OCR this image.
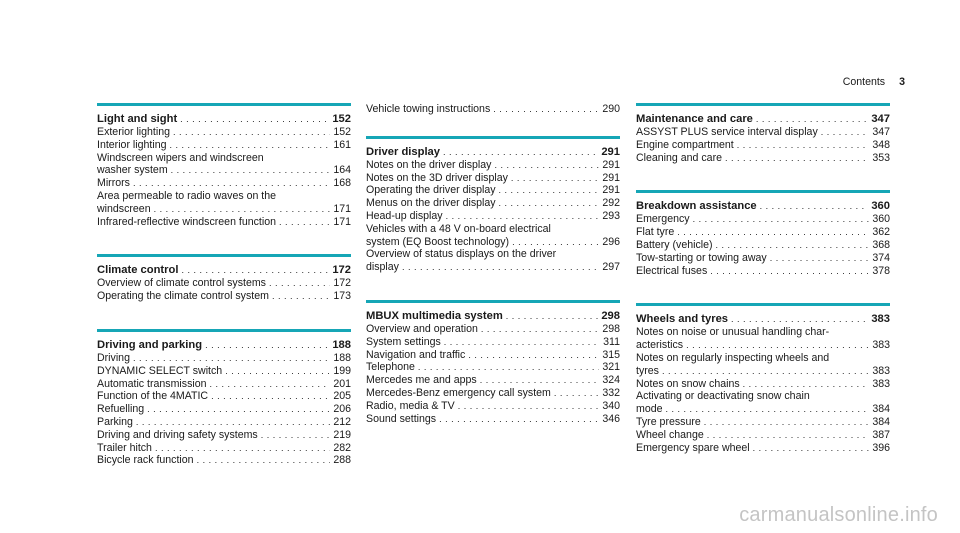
Contents 3
Light and sight . . .	152
Exterior lighting . . .	152
Interior lighting . . .	161
Windscreen wipers and windscreen
washer system . . .	164
Mirrors . . .	168
Area permeable to radio waves on the
windscreen . . .	171
Infrared-reflective windscreen function . . .	171
Climate control . . .	172
Overview of climate control systems . . .	172
Operating the climate control system . . .	173
Driving and parking . . .	188
Driving . . .	188
DYNAMIC SELECT switch . . .	199
Automatic transmission . . .	201
Function of the 4MATIC . . .	205
Refuelling . . .	206
Parking . . .	212
Driving and driving safety systems . . .	219
Trailer hitch . . .	282
Bicycle rack function . . .	288
Vehicle towing instructions . . .	290
Driver display . . .	291
Notes on the driver display . . .	291
Notes on the 3D driver display . . .	291
Operating the driver display . . .	291
Menus on the driver display . . .	292
Head-up display . . .	293
Vehicles with a 48 V on-board electrical
system (EQ Boost technology) . . .	296
Overview of status displays on the driver
display . . .	297
MBUX multimedia system . . .	298
Overview and operation . . .	298
System settings . . .	311
Navigation and traffic . . .	315
Telephone . . .	321
Mercedes me and apps . . .	324
Mercedes-Benz emergency call system . . .	332
Radio, media & TV . . .	340
Sound settings . . .	346
Maintenance and care . . .	347
ASSYST PLUS service interval display . . .	347
Engine compartment . . .	348
Cleaning and care . . .	353
Breakdown assistance . . .	360
Emergency . . .	360
Flat tyre . . .	362
Battery (vehicle) . . .	368
Tow-starting or towing away . . .	374
Electrical fuses . . .	378
Wheels and tyres . . .	383
Notes on noise or unusual handling char-
acteristics . . .	383
Notes on regularly inspecting wheels and
tyres . . .	383
Notes on snow chains . . .	383
Activating or deactivating snow chain
mode . . .	384
Tyre pressure . . .	384
Wheel change . . .	387
Emergency spare wheel . . .	396
carmanualsonline.info
